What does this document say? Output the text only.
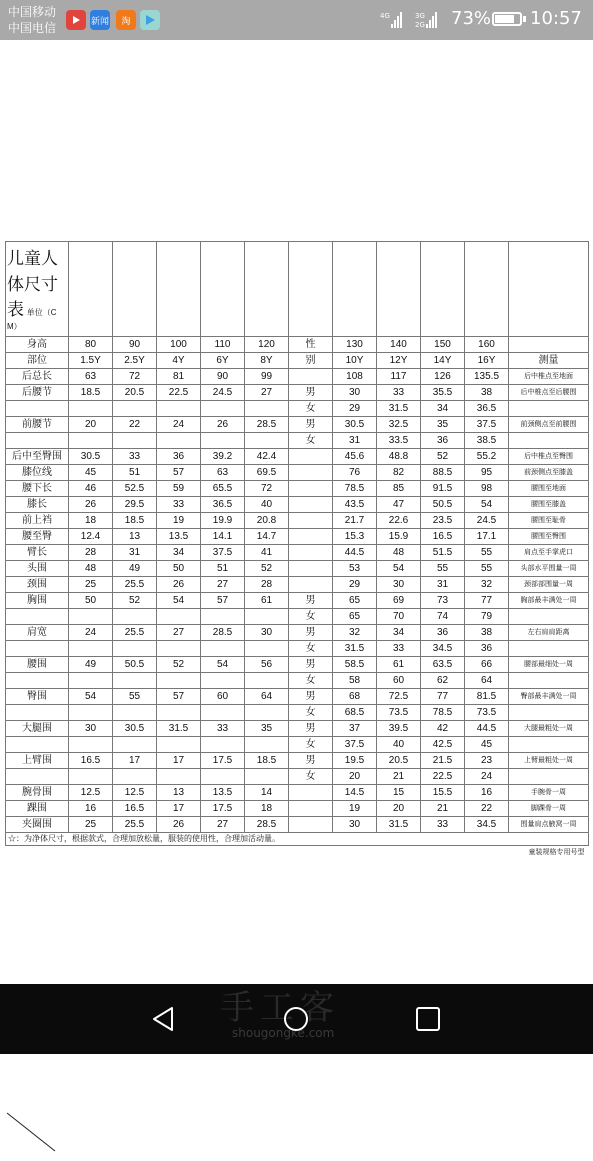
中国移动
中国电信	新闻	淘
4G	3G
2G 73% 10:57
儿童人
体尺寸
表 单位（C
M）											

身高	80	90	100	110	120	性	130	140	150	160	
部位	1.5Y	2.5Y	4Y	6Y	8Y	别	10Y	12Y	14Y	16Y	测量
后总长	63	72	81	90	99		108	117	126	135.5	后中椎点至地面
后腰节	18.5	20.5	22.5	24.5	27	男	30	33	35.5	38	后中椎点至后腰围
						女	29	31.5	34	36.5	
前腰节	20	22	24	26	28.5	男	30.5	32.5	35	37.5	前颈侧点至前腰围
						女	31	33.5	36	38.5	
后中至臀围	30.5	33	36	39.2	42.4		45.6	48.8	52	55.2	后中椎点至臀围
膝位线	45	51	57	63	69.5		76	82	88.5	95	前颈侧点至膝盖
腰下长	46	52.5	59	65.5	72		78.5	85	91.5	98	腰围至地面
膝长	26	29.5	33	36.5	40		43.5	47	50.5	54	腰围至膝盖
前上裆	18	18.5	19	19.9	20.8		21.7	22.6	23.5	24.5	腰围至耻骨
腰至臀	12.4	13	13.5	14.1	14.7		15.3	15.9	16.5	17.1	腰围至臀围
臂长	28	31	34	37.5	41		44.5	48	51.5	55	肩点至手掌虎口
头围	48	49	50	51	52		53	54	55	55	头部水平围量一周
颈围	25	25.5	26	27	28		29	30	31	32	颈部部围量一周
胸围	50	52	54	57	61	男	65	69	73	77	胸部最丰满处一周
						女	65	70	74	79	
肩宽	24	25.5	27	28.5	30	男	32	34	36	38	左右肩肩距离
						女	31.5	33	34.5	36	
腰围	49	50.5	52	54	56	男	58.5	61	63.5	66	腰部最细处一周
						女	58	60	62	64	
臀围	54	55	57	60	64	男	68	72.5	77	81.5	臀部最丰满处一周
						女	68.5	73.5	78.5	73.5	
大腿围	30	30.5	31.5	33	35	男	37	39.5	42	44.5	大腿最粗处一周
						女	37.5	40	42.5	45	
上臂围	16.5	17	17	17.5	18.5	男	19.5	20.5	21.5	23	上臂最粗处一周
						女	20	21	22.5	24	
腕骨围	12.5	12.5	13	13.5	14		14.5	15	15.5	16	手腕骨一周
踝围	16	16.5	17	17.5	18		19	20	21	22	脚踝骨一周
夹圈围	25	25.5	26	27	28.5		30	31.5	33	34.5	围量肩点腋窝一周
☆：为净体尺寸，根据款式，合理加放松量，服装的使用性，合理加活动量。											
童装规格专用号型											
手工客
shougongke.com
